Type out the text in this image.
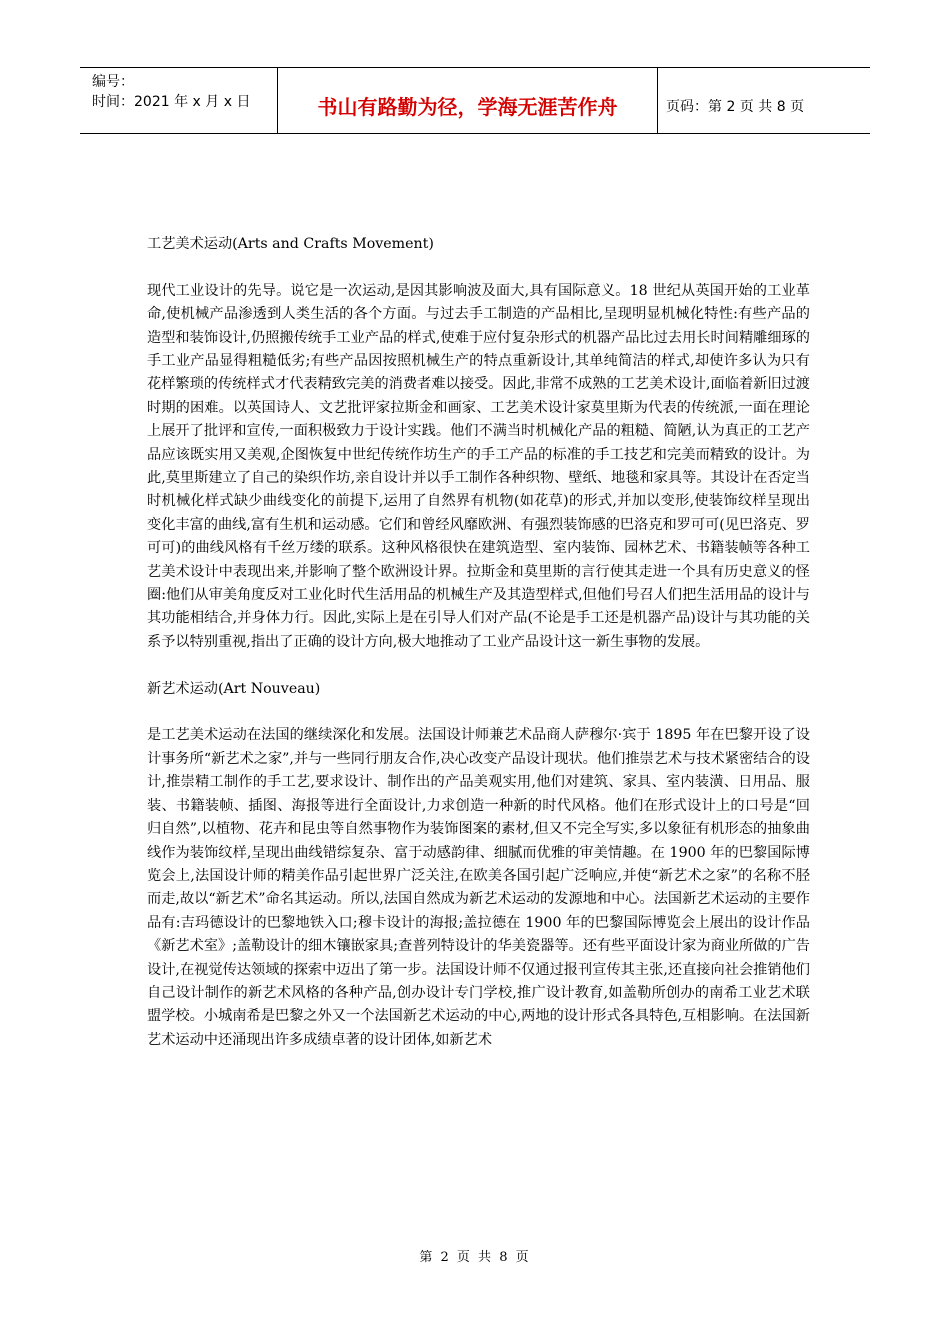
编号：
时间：2021 年 x 月 x 日	书山有路勤为径，学海无涯苦作舟	页码：第 2 页 共 8 页

工艺美术运动(Arts and Crafts Movement)

现代工业设计的先导。说它是一次运动,是因其影响波及面大,具有国际意义。18 世纪从英国开始的工业革命,使机械产品渗透到人类生活的各个方面。与过去手工制造的产品相比,呈现明显机械化特性:有些产品的造型和装饰设计,仍照搬传统手工业产品的样式,使难于应付复杂形式的机器产品比过去用长时间精雕细琢的手工业产品显得粗糙低劣;有些产品因按照机械生产的特点重新设计,其单纯简洁的样式,却使许多认为只有花样繁琐的传统样式才代表精致完美的消费者难以接受。因此,非常不成熟的工艺美术设计,面临着新旧过渡时期的困难。以英国诗人、文艺批评家拉斯金和画家、工艺美术设计家莫里斯为代表的传统派,一面在理论上展开了批评和宣传,一面积极致力于设计实践。他们不满当时机械化产品的粗糙、简陋,认为真正的工艺产品应该既实用又美观,企图恢复中世纪传统作坊生产的手工产品的标准的手工技艺和完美而精致的设计。为此,莫里斯建立了自己的染织作坊,亲自设计并以手工制作各种织物、壁纸、地毯和家具等。其设计在否定当时机械化样式缺少曲线变化的前提下,运用了自然界有机物(如花草)的形式,并加以变形,使装饰纹样呈现出变化丰富的曲线,富有生机和运动感。它们和曾经风靡欧洲、有强烈装饰感的巴洛克和罗可可(见巴洛克、罗可可)的曲线风格有千丝万缕的联系。这种风格很快在建筑造型、室内装饰、园林艺术、书籍装帧等各种工艺美术设计中表现出来,并影响了整个欧洲设计界。拉斯金和莫里斯的言行使其走进一个具有历史意义的怪圈:他们从审美角度反对工业化时代生活用品的机械生产及其造型样式,但他们号召人们把生活用品的设计与其功能相结合,并身体力行。因此,实际上是在引导人们对产品(不论是手工还是机器产品)设计与其功能的关系予以特别重视,指出了正确的设计方向,极大地推动了工业产品设计这一新生事物的发展。

新艺术运动(Art Nouveau)

是工艺美术运动在法国的继续深化和发展。法国设计师兼艺术品商人萨穆尔·宾于 1895 年在巴黎开设了设计事务所“新艺术之家”,并与一些同行朋友合作,决心改变产品设计现状。他们推崇艺术与技术紧密结合的设计,推崇精工制作的手工艺,要求设计、制作出的产品美观实用,他们对建筑、家具、室内装潢、日用品、服装、书籍装帧、插图、海报等进行全面设计,力求创造一种新的时代风格。他们在形式设计上的口号是“回归自然”,以植物、花卉和昆虫等自然事物作为装饰图案的素材,但又不完全写实,多以象征有机形态的抽象曲线作为装饰纹样,呈现出曲线错综复杂、富于动感韵律、细腻而优雅的审美情趣。在 1900 年的巴黎国际博览会上,法国设计师的精美作品引起世界广泛关注,在欧美各国引起广泛响应,并使“新艺术之家”的名称不胫而走,故以“新艺术”命名其运动。所以,法国自然成为新艺术运动的发源地和中心。法国新艺术运动的主要作品有:吉玛德设计的巴黎地铁入口;穆卡设计的海报;盖拉德在 1900 年的巴黎国际博览会上展出的设计作品《新艺术室》;盖勒设计的细木镶嵌家具;查普列特设计的华美瓷器等。还有些平面设计家为商业所做的广告设计,在视觉传达领域的探索中迈出了第一步。法国设计师不仅通过报刊宣传其主张,还直接向社会推销他们自己设计制作的新艺术风格的各种产品,创办设计专门学校,推广设计教育,如盖勒所创办的南希工业艺术联盟学校。小城南希是巴黎之外又一个法国新艺术运动的中心,两地的设计形式各具特色,互相影响。在法国新艺术运动中还涌现出许多成绩卓著的设计团体,如新艺术

第 2 页 共 8 页
